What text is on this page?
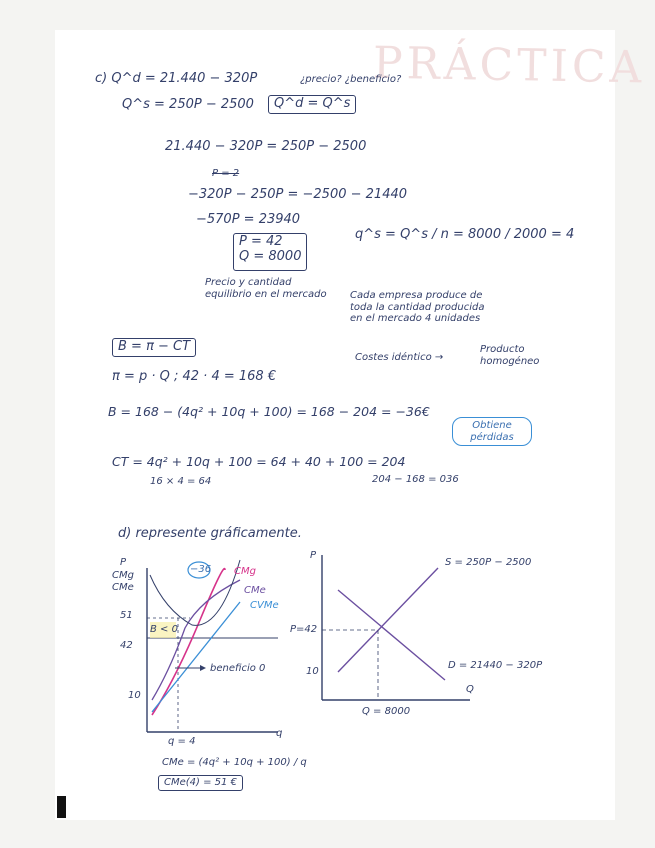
PRÁCTICA
c) Q^d = 21.440 − 320P	¿precio? ¿beneficio?
Q^s = 250P − 2500	Q^d = Q^s
21.440 − 320P = 250P − 2500
P = 2
−320P − 250P = −2500 − 21440
−570P = 23940
P = 42
Q = 8000
q^s = Q^s / n = 8000 / 2000 = 4
Precio y cantidad equilibrio en el mercado	Cada empresa produce de toda la cantidad producida en el mercado 4 unidades
Costes idéntico →
Producto homogéneo
B = π − CT
π = p · Q ; 42 · 4 = 168 €
B = 168 − (4q² + 10q + 100) = 168 − 204 = −36€
Obtiene pérdidas
CT = 4q² + 10q + 100 = 64 + 40 + 100 = 204
16 × 4 = 64	204 − 168 = 036
d) represente gráficamente.
P
CMg
CMe
51
42
10
−36 CMg
CMe
CVMe
B < 0
beneficio 0
q = 4
q
P
S = 250P − 2500
D = 21440 − 320P
P=42
10
Q
Q = 8000
CMe = (4q² + 10q + 100) / q
CMe(4) = 51 €
